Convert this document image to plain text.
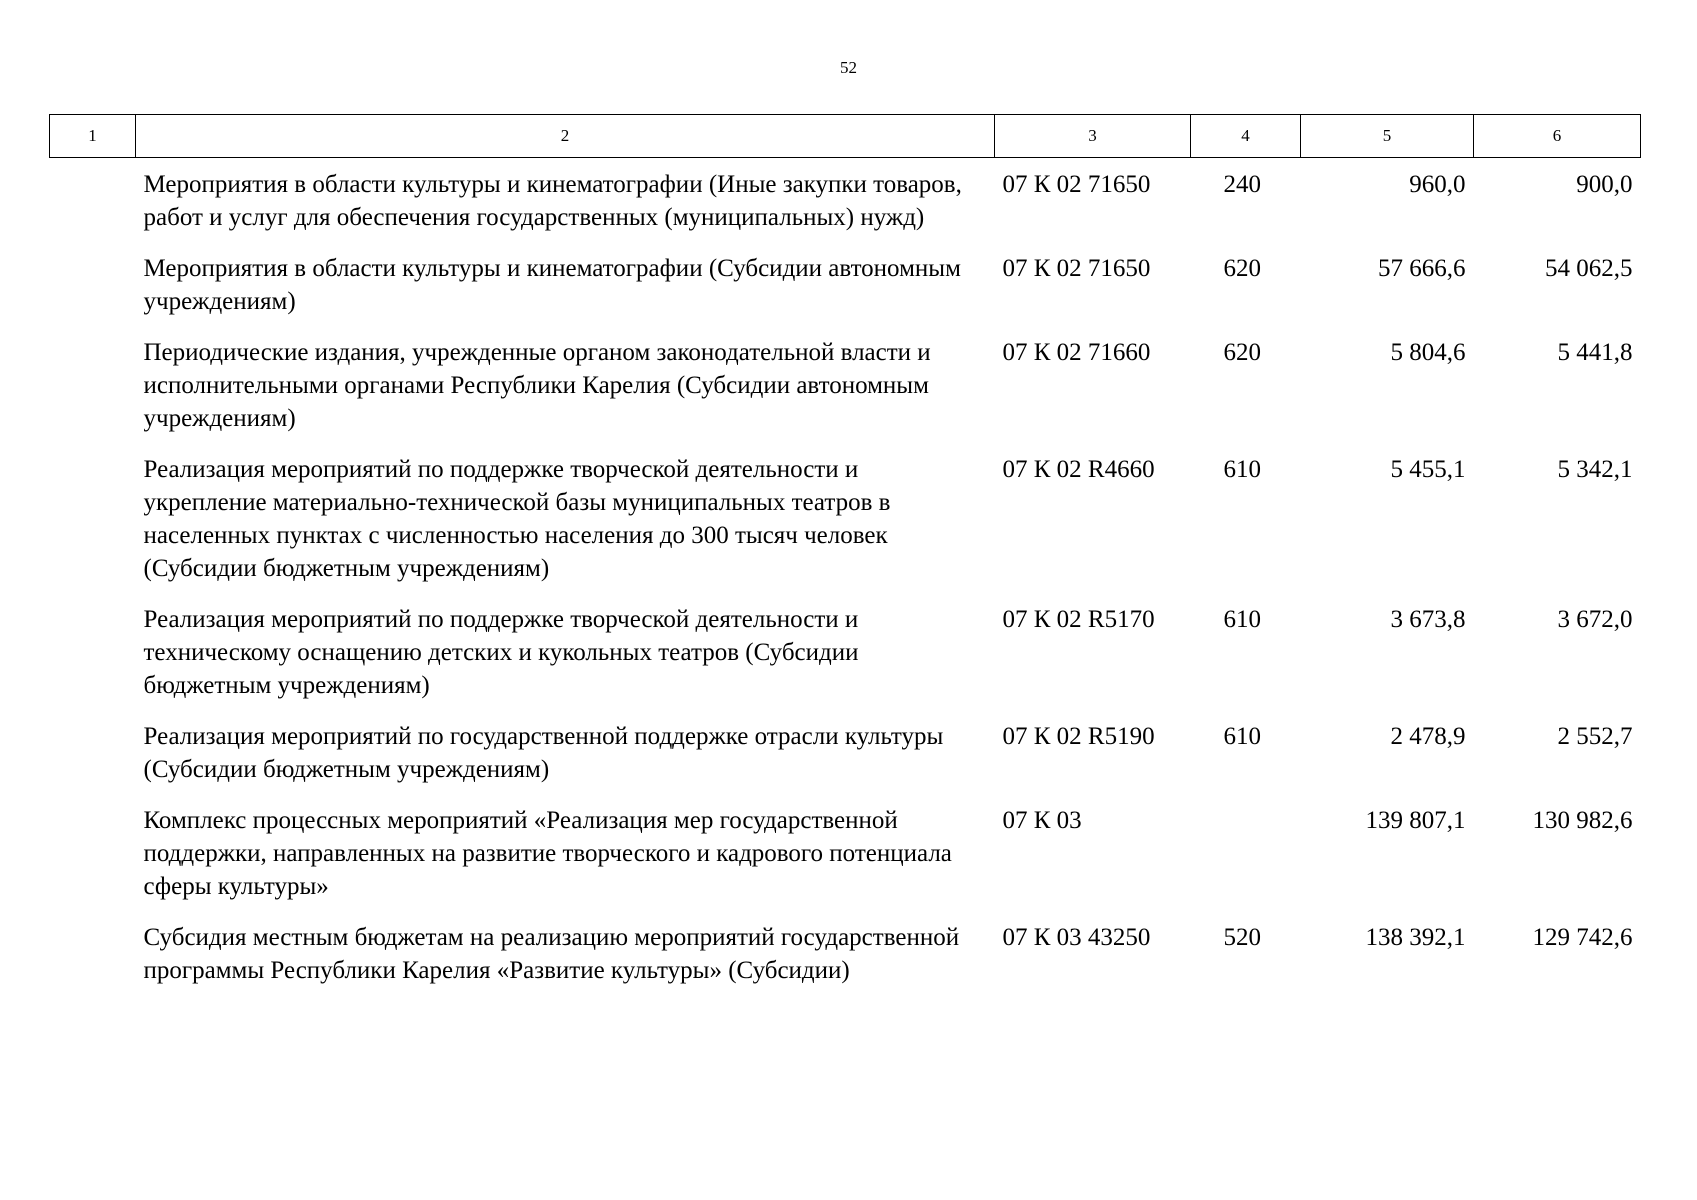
52
1	2	3	4	5	6
	Мероприятия в области культуры и кинематографии (Иные закупки товаров, работ и услуг для обеспечения государственных (муниципальных) нужд)	07 К 02 71650	240	960,0	900,0
	Мероприятия в области культуры и кинематографии (Субсидии автономным учреждениям)	07 К 02 71650	620	57 666,6	54 062,5
	Периодические издания, учрежденные органом законодательной власти и исполнительными органами Республики Карелия (Субсидии автономным учреждениям)	07 К 02 71660	620	5 804,6	5 441,8
	Реализация мероприятий по поддержке творческой деятельности и укрепление материально-технической базы муниципальных театров в населенных пунктах с численностью населения до 300 тысяч человек (Субсидии бюджетным учреждениям)	07 К 02 R4660	610	5 455,1	5 342,1
	Реализация мероприятий по поддержке творческой деятельности и техническому оснащению детских и кукольных театров (Субсидии бюджетным учреждениям)	07 К 02 R5170	610	3 673,8	3 672,0
	Реализация мероприятий по государственной поддержке отрасли культуры (Субсидии бюджетным учреждениям)	07 К 02 R5190	610	2 478,9	2 552,7
	Комплекс процессных мероприятий «Реализация мер государственной поддержки, направленных на развитие творческого и кадрового потенциала сферы культуры»	07 К 03		139 807,1	130 982,6
	Субсидия местным бюджетам на реализацию мероприятий государственной программы Республики Карелия «Развитие культуры» (Субсидии)	07 К 03 43250	520	138 392,1	129 742,6
